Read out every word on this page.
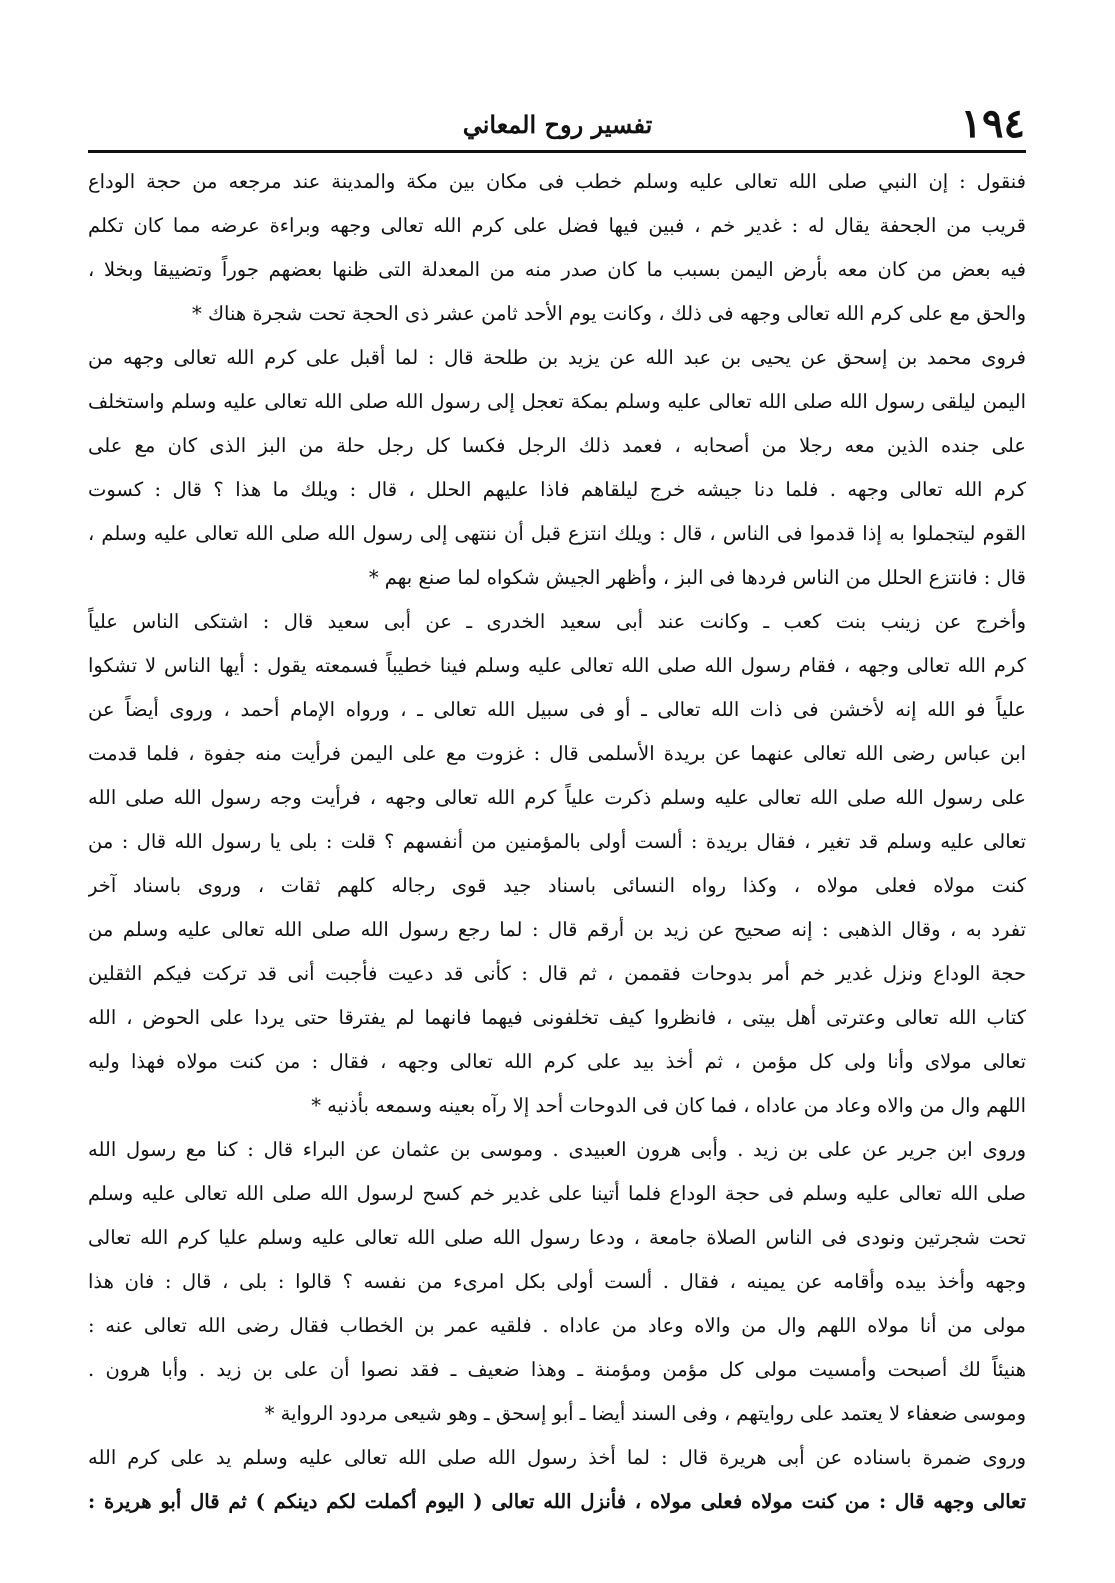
١٩٤
تفسير روح المعاني
فنقول : إن النبي صلى الله تعالى عليه وسلم خطب فى مكان بين مكة والمدينة عند مرجعه من حجة الوداع
قريب من الجحفة يقال له : غدير خم ، فبين فيها فضل على كرم الله تعالى وجهه وبراءة عرضه مما كان تكلم
فيه بعض من كان معه بأرض اليمن بسبب ما كان صدر منه من المعدلة التى ظنها بعضهم جوراً وتضييقا وبخلا ،
والحق مع على كرم الله تعالى وجهه فى ذلك ، وكانت يوم الأحد ثامن عشر ذى الحجة تحت شجرة هناك *
فروى محمد بن إسحق عن يحيى بن عبد الله عن يزيد بن طلحة قال : لما أقبل على كرم الله تعالى وجهه من
اليمن ليلقى رسول الله صلى الله تعالى عليه وسلم بمكة تعجل إلى رسول الله صلى الله تعالى عليه وسلم واستخلف
على جنده الذين معه رجلا من أصحابه ، فعمد ذلك الرجل فكسا كل رجل حلة من البز الذى كان مع على
كرم الله تعالى وجهه . فلما دنا جيشه خرج ليلقاهم فاذا عليهم الحلل ، قال : ويلك ما هذا ؟ قال : كسوت
القوم ليتجملوا به إذا قدموا فى الناس ، قال : ويلك انتزع قبل أن ننتهى إلى رسول الله صلى الله تعالى عليه وسلم ،
قال : فانتزع الحلل من الناس فردها فى البز ، وأظهر الجيش شكواه لما صنع بهم *
وأخرج عن زينب بنت كعب ـ وكانت عند أبى سعيد الخدرى ـ عن أبى سعيد قال : اشتكى الناس علياً
كرم الله تعالى وجهه ، فقام رسول الله صلى الله تعالى عليه وسلم فينا خطيباً فسمعته يقول : أيها الناس لا تشكوا
علياً فو الله إنه لأخشن فى ذات الله تعالى ـ أو فى سبيل الله تعالى ـ ، ورواه الإمام أحمد ، وروى أيضاً عن
ابن عباس رضى الله تعالى عنهما عن بريدة الأسلمى قال : غزوت مع على اليمن فرأيت منه جفوة ، فلما قدمت
على رسول الله صلى الله تعالى عليه وسلم ذكرت علياً كرم الله تعالى وجهه ، فرأيت وجه رسول الله صلى الله
تعالى عليه وسلم قد تغير ، فقال بريدة : ألست أولى بالمؤمنين من أنفسهم ؟ قلت : بلى يا رسول الله قال : من
كنت مولاه فعلى مولاه ، وكذا رواه النسائى باسناد جيد قوى رجاله كلهم ثقات ، وروى باسناد آخر
تفرد به ، وقال الذهبى : إنه صحيح عن زيد بن أرقم قال : لما رجع رسول الله صلى الله تعالى عليه وسلم من
حجة الوداع ونزل غدير خم أمر بدوحات فقممن ، ثم قال : كأنى قد دعيت فأجبت أنى قد تركت فيكم الثقلين
كتاب الله تعالى وعترتى أهل بيتى ، فانظروا كيف تخلفونى فيهما فانهما لم يفترقا حتى يردا على الحوض ، الله
تعالى مولاى وأنا ولى كل مؤمن ، ثم أخذ بيد على كرم الله تعالى وجهه ، فقال : من كنت مولاه فهذا وليه
اللهم وال من والاه وعاد من عاداه ، فما كان فى الدوحات أحد إلا رآه بعينه وسمعه بأذنيه *
وروى ابن جرير عن على بن زيد . وأبى هرون العبيدى . وموسى بن عثمان عن البراء قال : كنا مع رسول الله
صلى الله تعالى عليه وسلم فى حجة الوداع فلما أتينا على غدير خم كسح لرسول الله صلى الله تعالى عليه وسلم
تحت شجرتين ونودى فى الناس الصلاة جامعة ، ودعا رسول الله صلى الله تعالى عليه وسلم عليا كرم الله تعالى
وجهه وأخذ بيده وأقامه عن يمينه ، فقال . ألست أولى بكل امرىء من نفسه ؟ قالوا : بلى ، قال : فان هذا
مولى من أنا مولاه اللهم وال من والاه وعاد من عاداه . فلقيه عمر بن الخطاب فقال رضى الله تعالى عنه :
هنيئاً لك أصبحت وأمسيت مولى كل مؤمن ومؤمنة ـ وهذا ضعيف ـ فقد نصوا أن على بن زيد . وأبا هرون .
وموسى ضعفاء لا يعتمد على روايتهم ، وفى السند أيضا ـ أبو إسحق ـ وهو شيعى مردود الرواية *
وروى ضمرة باسناده عن أبى هريرة قال : لما أخذ رسول الله صلى الله تعالى عليه وسلم يد على كرم الله
تعالى وجهه قال : من كنت مولاه فعلى مولاه ، فأنزل الله تعالى ( اليوم أكملت لكم دينكم ) ثم قال أبو هريرة :
